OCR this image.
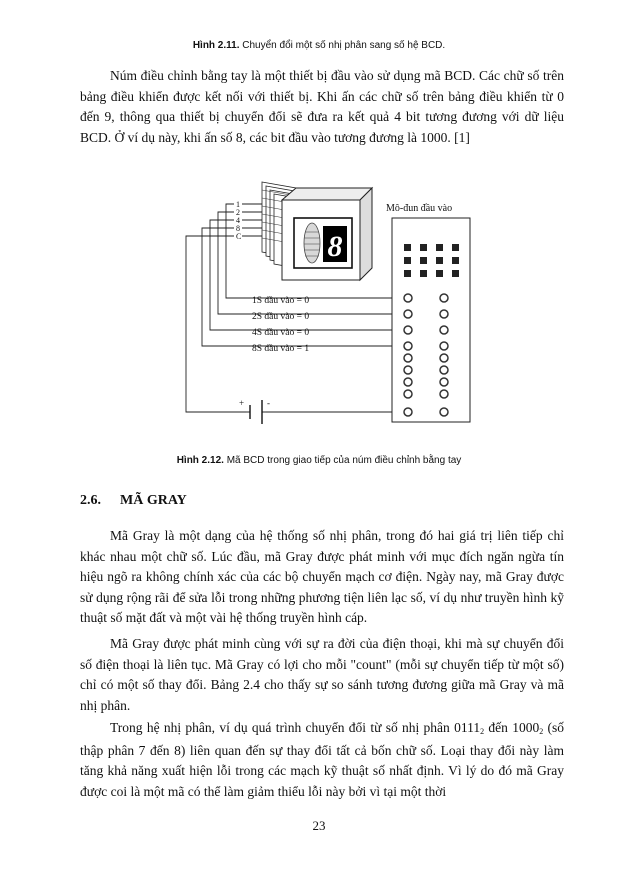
Hình 2.11. Chuyển đổi một số nhị phân sang số hệ BCD.

Núm điều chỉnh bằng tay là một thiết bị đầu vào sử dụng mã BCD. Các chữ số trên bảng điều khiển được kết nối với thiết bị. Khi ấn các chữ số trên bảng điều khiển từ 0 đến 9, thông qua thiết bị chuyển đổi sẽ đưa ra kết quả 4 bit tương đương với dữ liệu BCD. Ở ví dụ này, khi ấn số 8, các bit đầu vào tương đương là 1000. [1]

1
2
4
8
C	8
Mô-đun đầu vào
1S đầu vào = 0
2S đầu vào = 0
4S đầu vào = 0
8S đầu vào = 1
+	-
Hình 2.12. Mã BCD trong giao tiếp của núm điều chỉnh bằng tay
2.6. MÃ GRAY

Mã Gray là một dạng của hệ thống số nhị phân, trong đó hai giá trị liên tiếp chỉ khác nhau một chữ số. Lúc đầu, mã Gray được phát minh với mục đích ngăn ngừa tín hiệu ngõ ra không chính xác của các bộ chuyển mạch cơ điện. Ngày nay, mã Gray được sử dụng rộng rãi để sửa lỗi trong những phương tiện liên lạc số, ví dụ như truyền hình kỹ thuật số mặt đất và một vài hệ thống truyền hình cáp.

Mã Gray được phát minh cùng với sự ra đời của điện thoại, khi mà sự chuyển đổi số điện thoại là liên tục. Mã Gray có lợi cho mỗi "count" (mỗi sự chuyển tiếp từ một số) chỉ có một số thay đổi. Bảng 2.4 cho thấy sự so sánh tương đương giữa mã Gray và mã nhị phân.

Trong hệ nhị phân, ví dụ quá trình chuyển đổi từ số nhị phân $0111_2$ đến $1000_2$ (số thập phân 7 đến 8) liên quan đến sự thay đổi tất cả bốn chữ số. Loại thay đổi này làm tăng khả năng xuất hiện lỗi trong các mạch kỹ thuật số nhất định. Vì lý do đó mã Gray được coi là một mã có thể làm giảm thiểu lỗi này bởi vì tại một thời

23
